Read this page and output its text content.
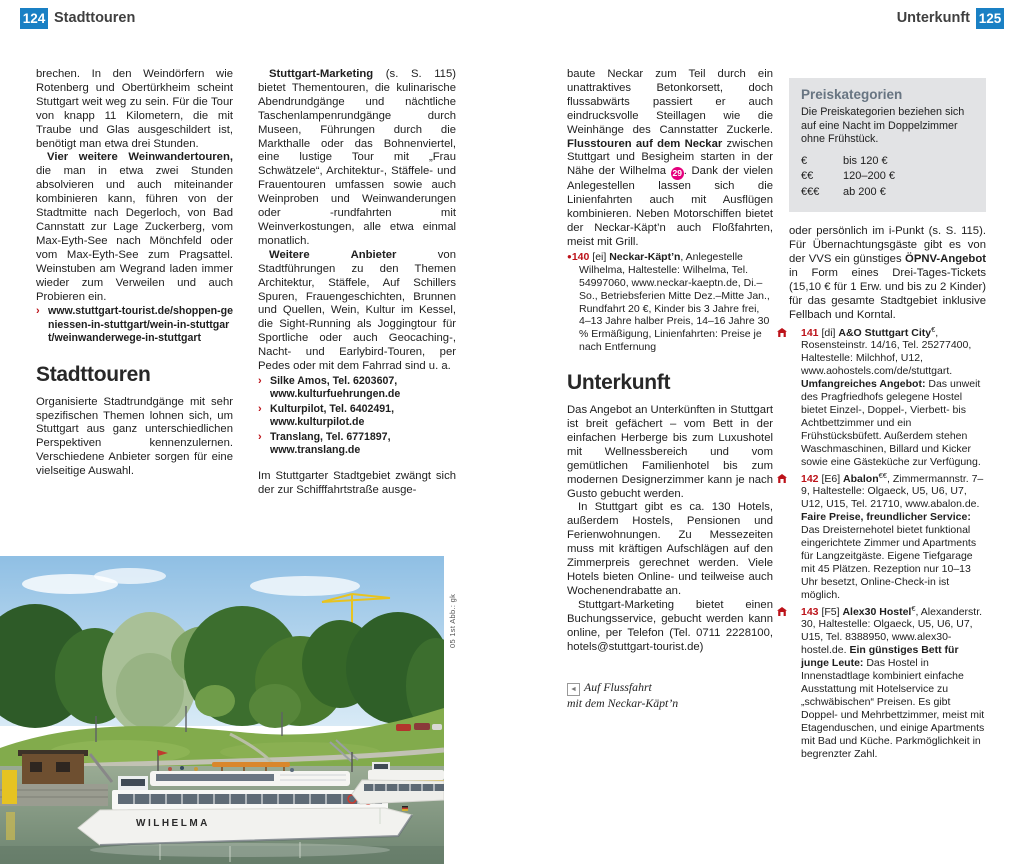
124 Stadttouren	Unterkunft 125

brechen. In den Weindörfern wie Rotenberg und Obertürkheim scheint Stuttgart weit weg zu sein. Für die Tour von knapp 11 Kilometern, die mit Traube und Glas ausgeschildert ist, benötigt man etwa drei Stunden.

Vier weitere Weinwandertouren, die man in etwa zwei Stunden absolvieren und auch miteinander kombinieren kann, führen von der Stadtmitte nach Degerloch, von Bad Cannstatt zur Lage Zuckerberg, vom Max-Eyth-See nach Mönchfeld oder vom Max-Eyth-See zum Pragsattel. Weinstuben am Wegrand laden immer wieder zum Verweilen und auch Probieren ein.

› www.stuttgart-tourist.de/shoppen-geniessen-in-stuttgart/wein-in-stuttgart/weinwanderwege-in-stuttgart
Stadttouren

Organisierte Stadtrundgänge mit sehr spezifischen Themen lohnen sich, um Stuttgart aus ganz unterschiedlichen Perspektiven kennenzulernen. Verschiedene Anbieter sorgen für eine vielseitige Auswahl.

Stuttgart-Marketing (s. S. 115) bietet Thementouren, die kulinarische Abendrundgänge und nächtliche Taschenlampenrundgänge durch Museen, Führungen durch die Markthalle oder das Bohnenviertel, eine lustige Tour mit „Frau Schwätzele“, Architektur-, Stäffele- und Frauentouren umfassen sowie auch Weinproben und Weinwanderungen oder -rundfahrten mit Weinverkostungen, alle etwa einmal monatlich.

Weitere Anbieter von Stadtführungen zu den Themen Architektur, Stäffele, Auf Schillers Spuren, Frauengeschichten, Brunnen und Quellen, Wein, Kultur im Kessel, die Sight-Running als Joggingtour für Sportliche oder auch Geocaching-, Nacht- und Earlybird-Touren, per Pedes oder mit dem Fahrrad sind u. a.

› Silke Amos, Tel. 6203607,
www.kulturfuehrungen.de
› Kulturpilot, Tel. 6402491,
www.kulturpilot.de
› Translang, Tel. 6771897,
www.translang.de

Im Stuttgarter Stadtgebiet zwängt sich der zur Schifffahrtstraße ausge-

WILHELMA
05 1st Abb.: gk

baute Neckar zum Teil durch ein unattraktives Betonkorsett, doch flussabwärts passiert er auch eindrucksvolle Steillagen wie die Weinhänge des Cannstatter Zuckerle. Flusstouren auf dem Neckar zwischen Stuttgart und Besigheim starten in der Nähe der Wilhelma 29 . Dank der vielen Anlegestellen lassen sich die Linienfahrten auch mit Ausflügen kombinieren. Neben Motorschiffen bietet der Neckar-Käpt’n auch Floßfahrten, meist mit Grill.

●140 [ei] Neckar-Käpt’n, Anlegestelle Wilhelma, Haltestelle: Wilhelma, Tel. 54997060, www.neckar-kaeptn.de, Di.–So., Betriebsferien Mitte Dez.–Mitte Jan., Rundfahrt 20 €, Kinder bis 3 Jahre frei, 4–13 Jahre halber Preis, 14–16 Jahre 30 % Ermäßigung, Linienfahrten: Preise je nach Entfernung
Unterkunft

Das Angebot an Unterkünften in Stuttgart ist breit gefächert – vom Bett in der einfachen Herberge bis zum Luxushotel mit Wellnessbereich und vom gemütlichen Familienhotel bis zum modernen Designerzimmer kann je nach Gusto gebucht werden.

In Stuttgart gibt es ca. 130 Hotels, außerdem Hostels, Pensionen und Ferienwohnungen. Zu Messezeiten muss mit kräftigen Aufschlägen auf den Zimmerpreis gerechnet werden. Viele Hotels bieten Online- und teilweise auch Wochenendrabatte an.

Stuttgart-Marketing bietet einen Buchungsservice, gebucht werden kann online, per Telefon (Tel. 0711 2228100, hotels@stuttgart-tourist.de)

◄ Auf Flussfahrt
mit dem Neckar-Käpt’n
Preiskategorien
Die Preiskategorien beziehen sich auf eine Nacht im Doppelzimmer ohne Frühstück.
€	bis 120 €
€€	120–200 €
€€€	ab 200 €

oder persönlich im i-Punkt (s. S. 115). Für Übernachtungsgäste gibt es von der VVS ein günstiges ÖPNV-Angebot in Form eines Drei-Tages-Tickets (15,10 € für 1 Erw. und bis zu 2 Kinder) für das gesamte Stadtgebiet inklusive Fellbach und Korntal.

141 [di] A&O Stuttgart City€, Rosensteinstr. 14/16, Tel. 25277400, Haltestelle: Milchhof, U12, www.aohostels.com/de/stuttgart. Umfangreiches Angebot: Das unweit des Pragfriedhofs gelegene Hostel bietet Einzel-, Doppel-, Vierbett- bis Achtbettzimmer und ein Frühstücksbüfett. Außerdem stehen Waschmaschinen, Billard und Kicker sowie eine Gästeküche zur Verfügung.
142 [E6] Abalon€€, Zimmermannstr. 7–9, Haltestelle: Olgaeck, U5, U6, U7, U12, U15, Tel. 21710, www.abalon.de. Faire Preise, freundlicher Service: Das Dreisternehotel bietet funktional eingerichtete Zimmer und Apartments für Langzeitgäste. Eigene Tiefgarage mit 45 Plätzen. Rezeption nur 10–13 Uhr besetzt, Online-Check-in ist möglich.
143 [F5] Alex30 Hostel€, Alexanderstr. 30, Haltestelle: Olgaeck, U5, U6, U7, U15, Tel. 8388950, www.alex30-hostel.de. Ein günstiges Bett für junge Leute: Das Hostel in Innenstadtlage kombiniert einfache Ausstattung mit Hotelservice zu „schwäbischen“ Preisen. Es gibt Doppel- und Mehrbettzimmer, meist mit Etagenduschen, und einige Apartments mit Bad und Küche. Parkmöglichkeit in begrenzter Zahl.
